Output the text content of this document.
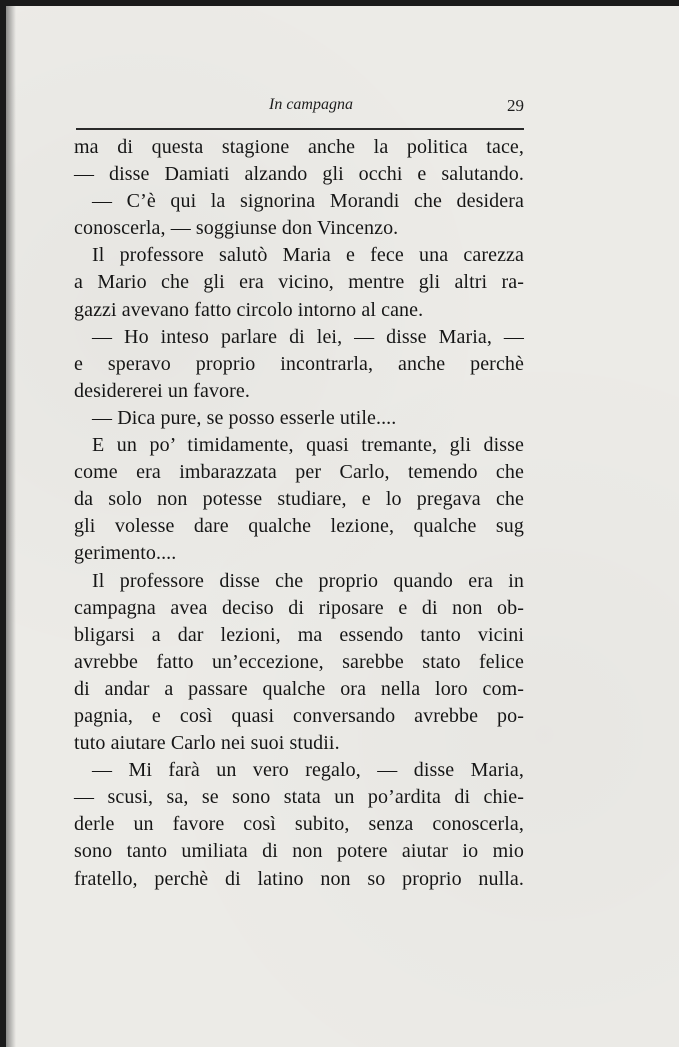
In campagna	29
ma di questa stagione anche la politica tace,
— disse Damiati alzando gli occhi e salutando.
— C’è qui la signorina Morandi che desidera
conoscerla, — soggiunse don Vincenzo.
Il professore salutò Maria e fece una carezza
a Mario che gli era vicino, mentre gli altri ra-
gazzi avevano fatto circolo intorno al cane.
— Ho inteso parlare di lei, — disse Maria, —
e speravo proprio incontrarla, anche perchè
desidererei un favore.
— Dica pure, se posso esserle utile....
E un po’ timidamente, quasi tremante, gli disse
come era imbarazzata per Carlo, temendo che
da solo non potesse studiare, e lo pregava che
gli volesse dare qualche lezione, qualche sug
gerimento....
Il professore disse che proprio quando era in
campagna avea deciso di riposare e di non ob-
bligarsi a dar lezioni, ma essendo tanto vicini
avrebbe fatto un’eccezione, sarebbe stato felice
di andar a passare qualche ora nella loro com-
pagnia, e così quasi conversando avrebbe po-
tuto aiutare Carlo nei suoi studii.
— Mi farà un vero regalo, — disse Maria,
— scusi, sa, se sono stata un po’ardita di chie-
derle un favore così subito, senza conoscerla,
sono tanto umiliata di non potere aiutar io mio
fratello, perchè di latino non so proprio nulla.
